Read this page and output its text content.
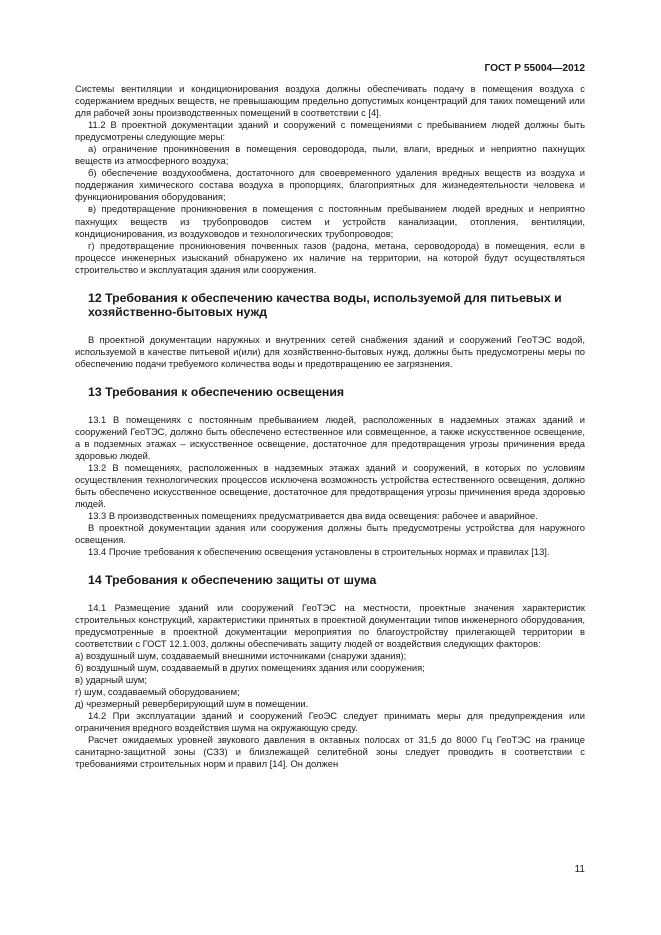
ГОСТ Р 55004—2012

Системы вентиляции и кондиционирования воздуха должны обеспечивать подачу в помещения воздуха с содержанием вредных веществ, не превышающим предельно допустимых концентраций для таких помещений или для рабочей зоны производственных помещений в соответствии с [4].

11.2 В проектной документации зданий и сооружений с помещениями с пребыванием людей должны быть предусмотрены следующие меры:

а) ограничение проникновения в помещения сероводорода, пыли, влаги, вредных и неприятно пахнущих веществ из атмосферного воздуха;

б) обеспечение воздухообмена, достаточного для своевременного удаления вредных веществ из воздуха и поддержания химического состава воздуха в пропорциях, благоприятных для жизнедеятельности человека и функционирования оборудования;

в) предотвращение проникновения в помещения с постоянным пребыванием людей вредных и неприятно пахнущих веществ из трубопроводов систем и устройств канализации, отопления, вентиляции, кондиционирования, из воздуховодов и технологических трубопроводов;

г) предотвращение проникновения почвенных газов (радона, метана, сероводорода) в помещения, если в процессе инженерных изысканий обнаружено их наличие на территории, на которой будут осуществляться строительство и эксплуатация здания или сооружения.

12 Требования к обеспечению качества воды, используемой для питьевых и хозяйственно-бытовых нужд

В проектной документации наружных и внутренних сетей снабжения зданий и сооружений ГеоТЭС водой, используемой в качестве питьевой и(или) для хозяйственно-бытовых нужд, должны быть предусмотрены меры по обеспечению подачи требуемого количества воды и предотвращению ее загрязнения.

13 Требования к обеспечению освещения

13.1 В помещениях с постоянным пребыванием людей, расположенных в надземных этажах зданий и сооружений ГеоТЭС, должно быть обеспечено естественное или совмещенное, а также искусственное освещение, а в подземных этажах – искусственное освещение, достаточное для предотвращения угрозы причинения вреда здоровью людей.

13.2 В помещениях, расположенных в надземных этажах зданий и сооружений, в которых по условиям осуществления технологических процессов исключена возможность устройства естественного освещения, должно быть обеспечено искусственное освещение, достаточное для предотвращения угрозы причинения вреда здоровью людей.

13.3 В производственных помещениях предусматривается два вида освещения: рабочее и аварийное.

В проектной документации здания или сооружения должны быть предусмотрены устройства для наружного освещения.

13.4 Прочие требования к обеспечению освещения установлены в строительных нормах и правилах [13].

14 Требования к обеспечению защиты от шума

14.1 Размещение зданий или сооружений ГеоТЭС на местности, проектные значения характеристик строительных конструкций, характеристики принятых в проектной документации типов инженерного оборудования, предусмотренные в проектной документации мероприятия по благоустройству прилегающей территории в соответствии с ГОСТ 12.1.003, должны обеспечивать защиту людей от воздействия следующих факторов:

а) воздушный шум, создаваемый внешними источниками (снаружи здания);

б) воздушный шум, создаваемый в других помещениях здания или сооружения;

в) ударный шум;

г) шум, создаваемый оборудованием;

д) чрезмерный реверберирующий шум в помещении.

14.2 При эксплуатации зданий и сооружений ГеоЭС следует принимать меры для предупреждения или ограничения вредного воздействия шума на окружающую среду.

Расчет ожидаемых уровней звукового давления в октавных полосах от 31,5 до 8000 Гц ГеоТЭС на границе санитарно-защитной зоны (СЗЗ) и близлежащей селитебной зоны следует проводить в соответствии с требованиями строительных норм и правил [14]. Он должен

11
